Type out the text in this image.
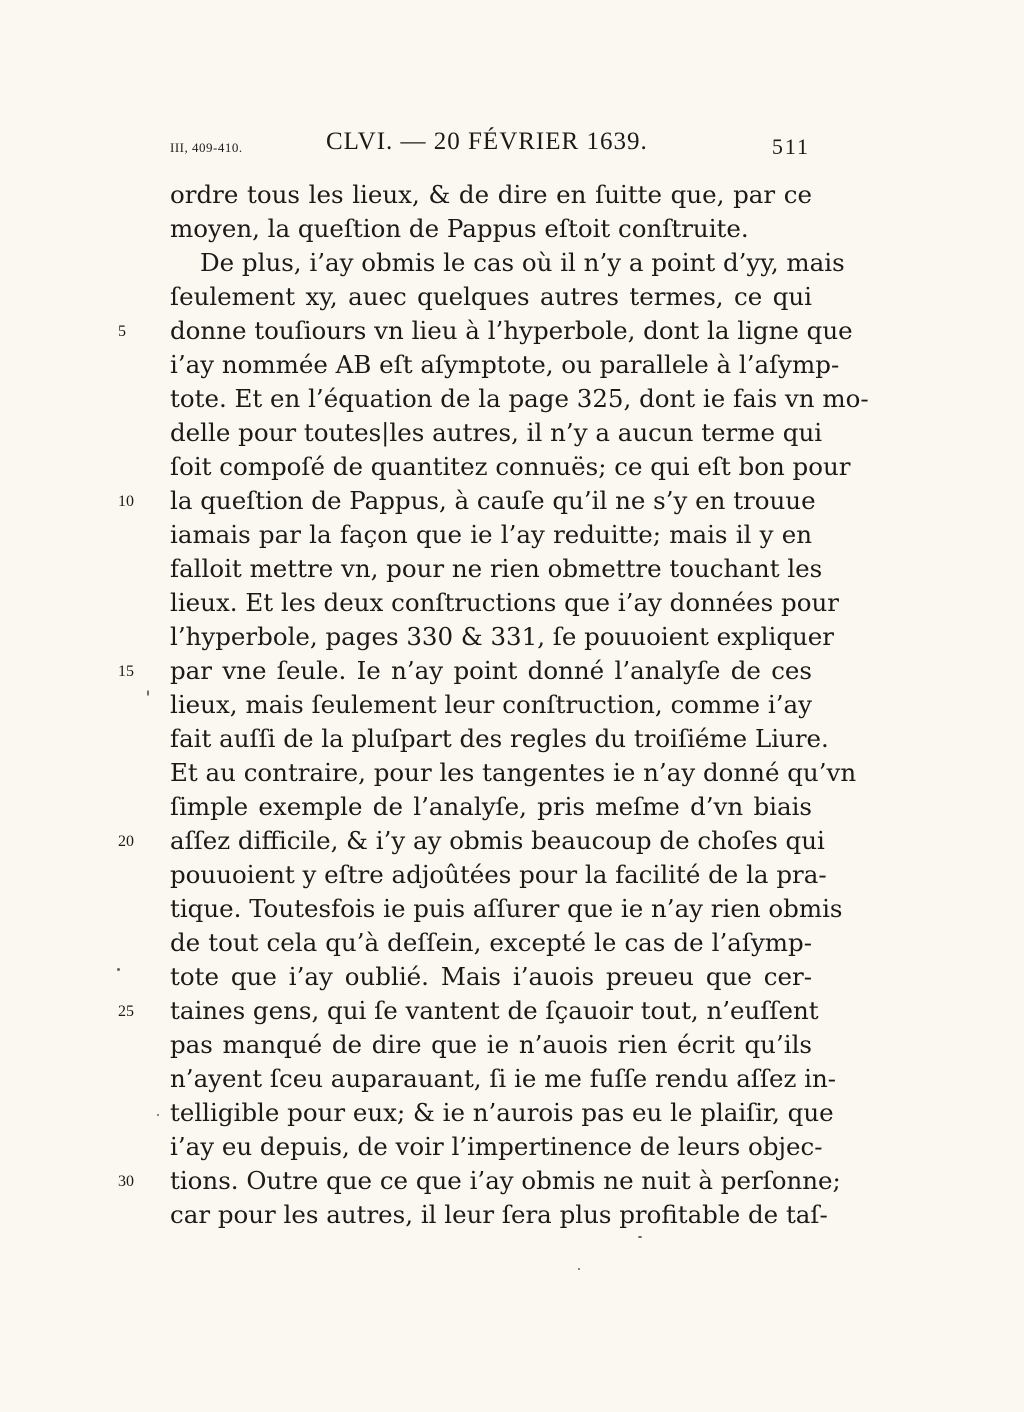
III, 409-410.	CLVI. — 20 FÉVRIER 1639.	511
ordre tous les lieux, & de dire en ſuitte que, par ce
moyen, la queſtion de Pappus eſtoit conſtruite.
De plus, i’ay obmis le cas où il n’y a point d’yy, mais
ſeulement xy, auec quelques autres termes, ce qui
donne touſiours vn lieu à l’hyperbole, dont la ligne que
i’ay nommée AB eſt aſymptote, ou parallele à l’aſymp-
tote. Et en l’équation de la page 325, dont ie fais vn mo-
delle pour toutes|les autres, il n’y a aucun terme qui
ſoit compoſé de quantitez connuës; ce qui eſt bon pour
la queſtion de Pappus, à cauſe qu’il ne s’y en trouue
iamais par la façon que ie l’ay reduitte; mais il y en
falloit mettre vn, pour ne rien obmettre touchant les
lieux. Et les deux conſtructions que i’ay données pour
l’hyperbole, pages 330 & 331, ſe pouuoient expliquer
par vne ſeule. Ie n’ay point donné l’analyſe de ces
lieux, mais ſeulement leur conſtruction, comme i’ay
fait auſſi de la pluſpart des regles du troiſiéme Liure.
Et au contraire, pour les tangentes ie n’ay donné qu’vn
ſimple exemple de l’analyſe, pris meſme d’vn biais
aſſez difficile, & i’y ay obmis beaucoup de choſes qui
pouuoient y eſtre adjoûtées pour la facilité de la pra-
tique. Toutesfois ie puis aſſurer que ie n’ay rien obmis
de tout cela qu’à deſſein, excepté le cas de l’aſymp-
tote que i’ay oublié. Mais i’auois preueu que cer-
taines gens, qui ſe vantent de ſçauoir tout, n’euſſent
pas manqué de dire que ie n’auois rien écrit qu’ils
n’ayent ſceu auparauant, ſi ie me fuſſe rendu aſſez in-
telligible pour eux; & ie n’aurois pas eu le plaiſir, que
i’ay eu depuis, de voir l’impertinence de leurs objec-
tions. Outre que ce que i’ay obmis ne nuit à perſonne;
car pour les autres, il leur ſera plus profitable de taſ-
5
10
15
20
25
30
